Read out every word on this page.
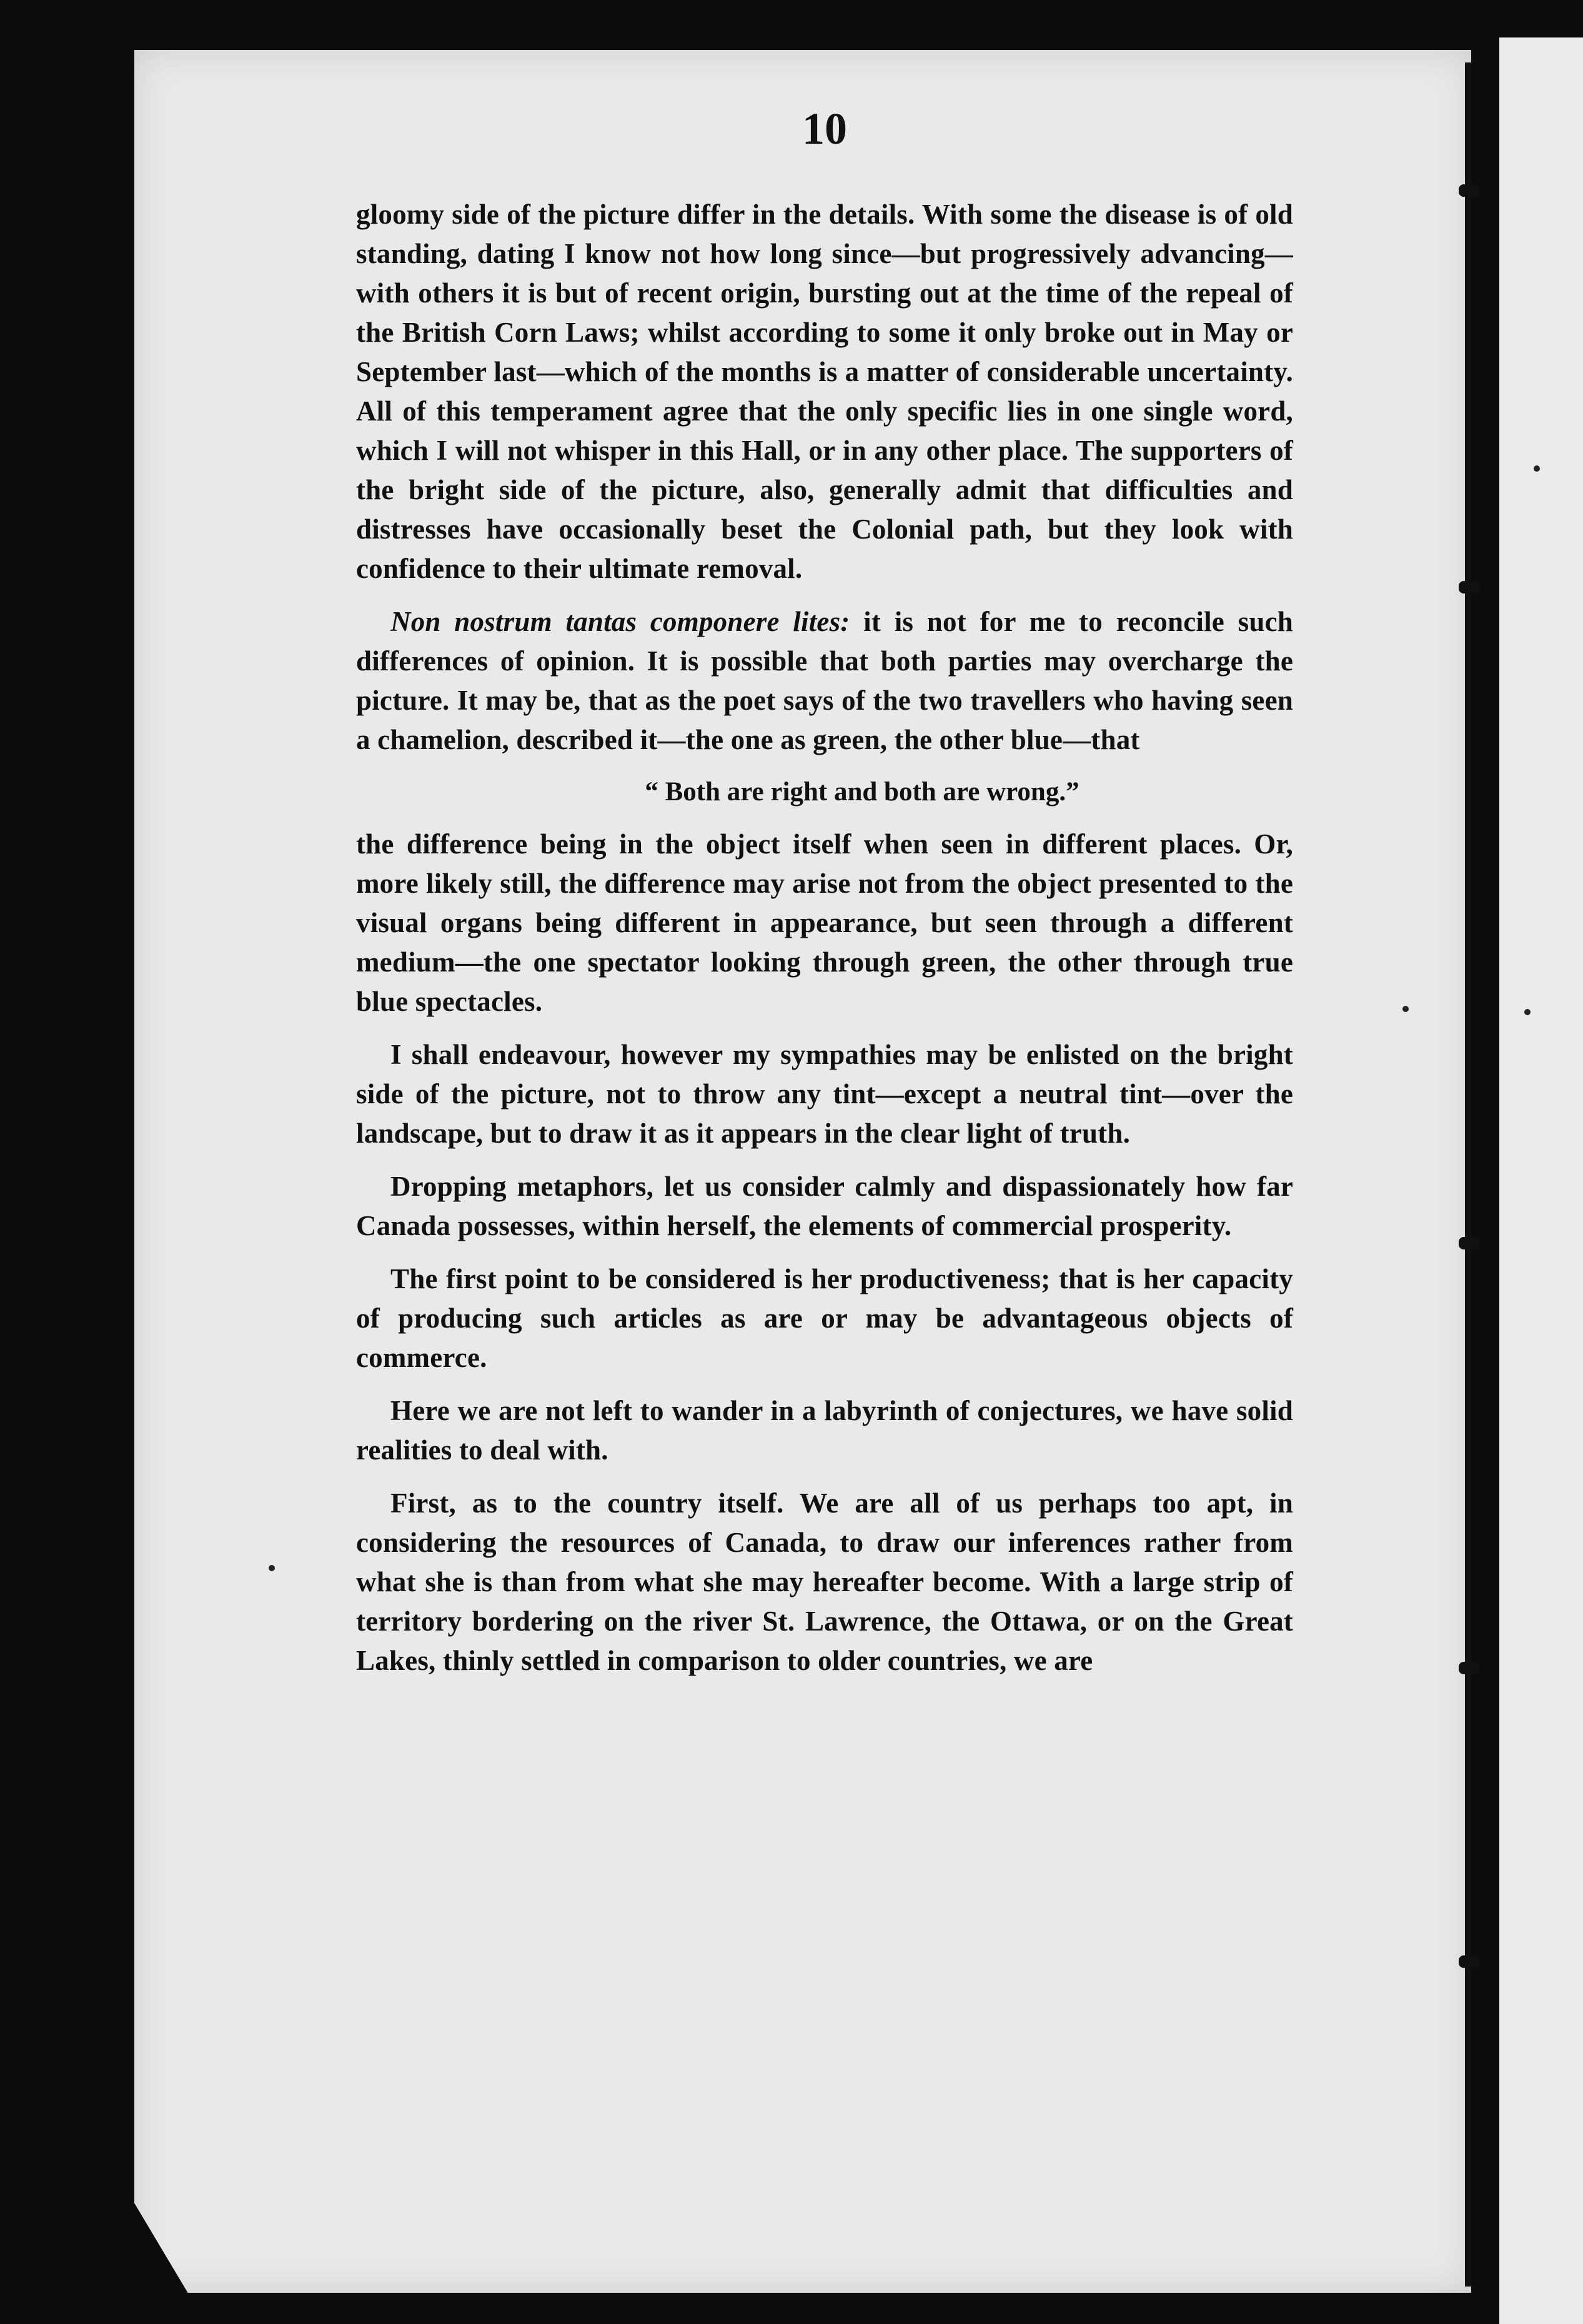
10

gloomy side of the picture differ in the details. With some the disease is of old standing, dating I know not how long since—but progressively advancing—with others it is but of recent origin, bursting out at the time of the repeal of the British Corn Laws; whilst according to some it only broke out in May or September last—which of the months is a matter of considerable uncertainty. All of this temperament agree that the only specific lies in one single word, which I will not whisper in this Hall, or in any other place. The supporters of the bright side of the picture, also, generally admit that difficulties and distresses have occasionally beset the Colonial path, but they look with confidence to their ultimate removal.

Non nostrum tantas componere lites: it is not for me to reconcile such differences of opinion. It is possible that both parties may overcharge the picture. It may be, that as the poet says of the two travellers who having seen a chamelion, described it—the one as green, the other blue—that

“ Both are right and both are wrong.”

the difference being in the object itself when seen in different places. Or, more likely still, the difference may arise not from the object presented to the visual organs being different in appearance, but seen through a different medium—the one spectator looking through green, the other through true blue spectacles.

I shall endeavour, however my sympathies may be enlisted on the bright side of the picture, not to throw any tint—except a neutral tint—over the landscape, but to draw it as it appears in the clear light of truth.

Dropping metaphors, let us consider calmly and dispassionately how far Canada possesses, within herself, the elements of commercial prosperity.

The first point to be considered is her productiveness; that is her capacity of producing such articles as are or may be advantageous objects of commerce.

Here we are not left to wander in a labyrinth of conjectures, we have solid realities to deal with.

First, as to the country itself. We are all of us perhaps too apt, in considering the resources of Canada, to draw our inferences rather from what she is than from what she may hereafter become. With a large strip of territory bordering on the river St. Lawrence, the Ottawa, or on the Great Lakes, thinly settled in comparison to older countries, we are
